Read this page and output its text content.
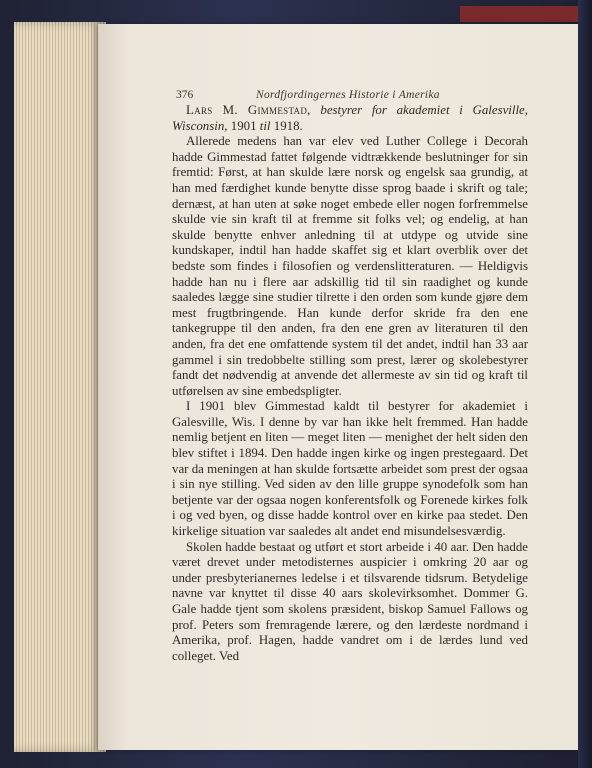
376	Nordfjordingernes Historie i Amerika

Lars M. Gimmestad, bestyrer for akademiet i Galesville, Wisconsin, 1901 til 1918.

Allerede medens han var elev ved Luther College i Decorah hadde Gimmestad fattet følgende vidtrækkende beslutninger for sin fremtid: Først, at han skulde lære norsk og engelsk saa grundig, at han med færdighet kunde benytte disse sprog baade i skrift og tale; dernæst, at han uten at søke noget embede eller nogen forfremmelse skulde vie sin kraft til at fremme sit folks vel; og endelig, at han skulde benytte enhver anledning til at utdype og utvide sine kundskaper, indtil han hadde skaffet sig et klart overblik over det bedste som findes i filosofien og verdenslitteraturen. — Heldigvis hadde han nu i flere aar adskillig tid til sin raadighet og kunde saaledes lægge sine studier tilrette i den orden som kunde gjøre dem mest frugtbringende. Han kunde derfor skride fra den ene tankegruppe til den anden, fra den ene gren av literaturen til den anden, fra det ene omfattende system til det andet, indtil han 33 aar gammel i sin tredobbelte stilling som prest, lærer og skolebestyrer fandt det nødvendig at anvende det allermeste av sin tid og kraft til utførelsen av sine embedspligter.

I 1901 blev Gimmestad kaldt til bestyrer for akademiet i Galesville, Wis. I denne by var han ikke helt fremmed. Han hadde nemlig betjent en liten — meget liten — menighet der helt siden den blev stiftet i 1894. Den hadde ingen kirke og ingen prestegaard. Det var da meningen at han skulde fortsætte arbeidet som prest der ogsaa i sin nye stilling. Ved siden av den lille gruppe synodefolk som han betjente var der ogsaa nogen konferentsfolk og Forenede kirkes folk i og ved byen, og disse hadde kontrol over en kirke paa stedet. Den kirkelige situation var saaledes alt andet end misundelsesværdig.

Skolen hadde bestaat og utført et stort arbeide i 40 aar. Den hadde været drevet under metodisternes auspicier i omkring 20 aar og under presbyterianernes ledelse i et tilsvarende tidsrum. Betydelige navne var knyttet til disse 40 aars skolevirksomhet. Dommer G. Gale hadde tjent som skolens præsident, biskop Samuel Fallows og prof. Peters som fremragende lærere, og den lærdeste nordmand i Amerika, prof. Hagen, hadde vandret om i de lærdes lund ved colleget. Ved
